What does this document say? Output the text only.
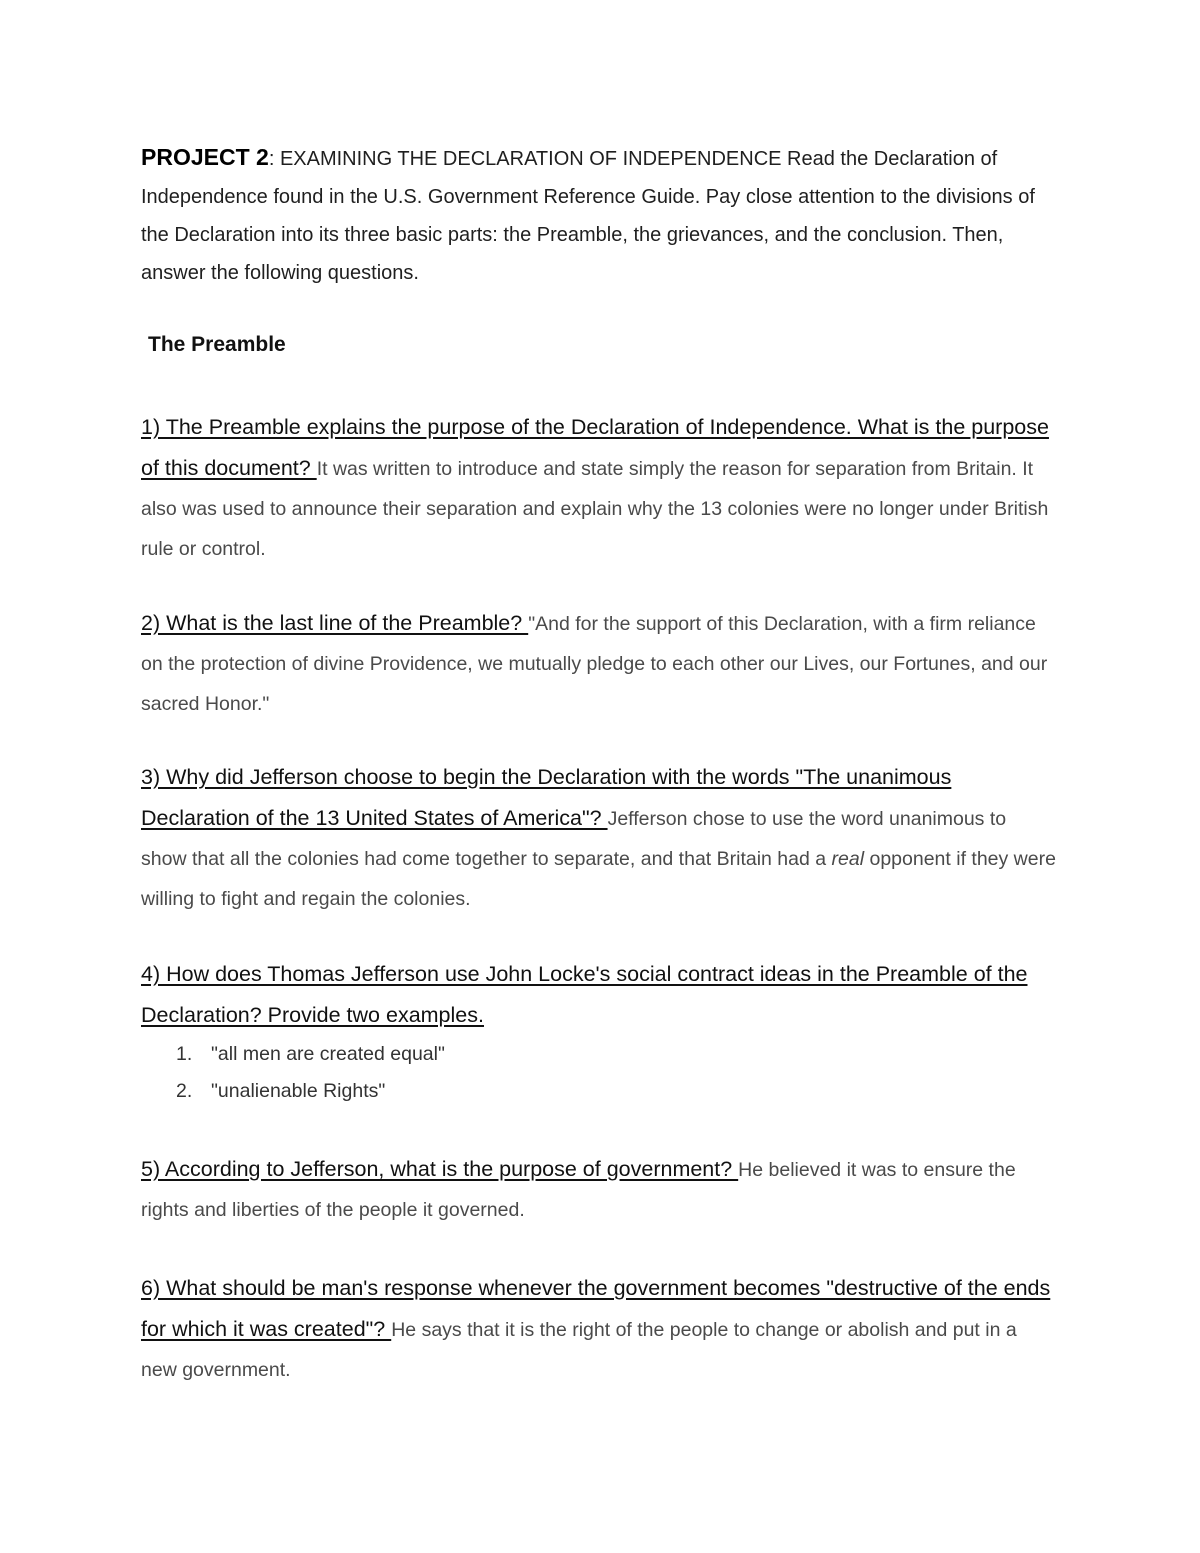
PROJECT 2: EXAMINING THE DECLARATION OF INDEPENDENCE Read the Declaration of Independence found in the U.S. Government Reference Guide. Pay close attention to the divisions of the Declaration into its three basic parts: the Preamble, the grievances, and the conclusion. Then, answer the following questions.

The Preamble

1) The Preamble explains the purpose of the Declaration of Independence. What is the purpose of this document? It was written to introduce and state simply the reason for separation from Britain. It also was used to announce their separation and explain why the 13 colonies were no longer under British rule or control.

2) What is the last line of the Preamble? "And for the support of this Declaration, with a firm reliance on the protection of divine Providence, we mutually pledge to each other our Lives, our Fortunes, and our sacred Honor."

3) Why did Jefferson choose to begin the Declaration with the words "The unanimous Declaration of the 13 United States of America"? Jefferson chose to use the word unanimous to show that all the colonies had come together to separate, and that Britain had a real opponent if they were willing to fight and regain the colonies.

4) How does Thomas Jefferson use John Locke's social contract ideas in the Preamble of the Declaration? Provide two examples.

1. "all men are created equal"
2. "unalienable Rights"

5) According to Jefferson, what is the purpose of government? He believed it was to ensure the rights and liberties of the people it governed.

6) What should be man's response whenever the government becomes "destructive of the ends for which it was created"? He says that it is the right of the people to change or abolish and put in a new government.
